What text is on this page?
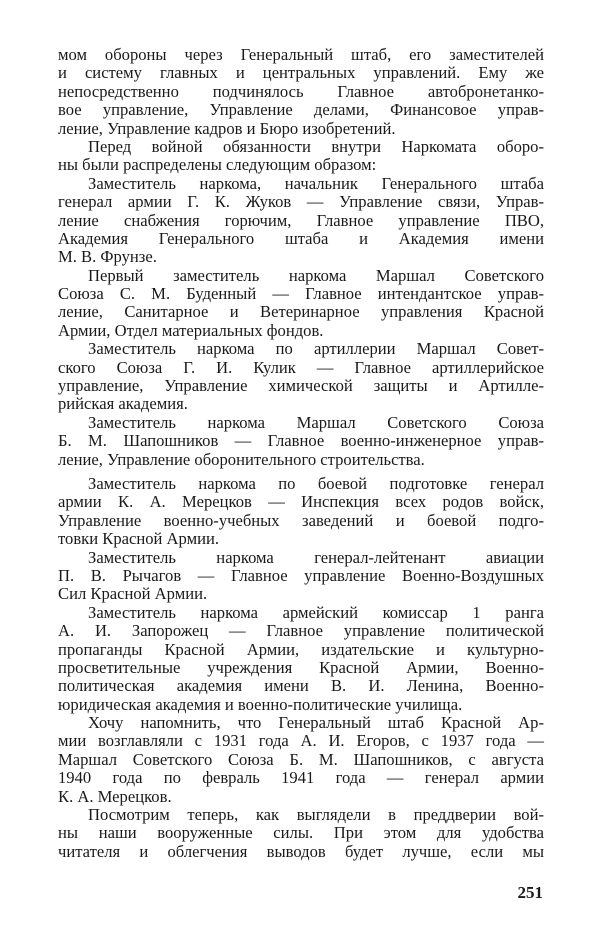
мом обороны через Генеральный штаб, его заместителей
и систему главных и центральных управлений. Ему же
непосредственно подчинялось Главное автобронетанко-
вое управление, Управление делами, Финансовое управ-
ление, Управление кадров и Бюро изобретений.
Перед войной обязанности внутри Наркомата оборо-
ны были распределены следующим образом:
Заместитель наркома, начальник Генерального штаба
генерал армии Г. К. Жуков — Управление связи, Управ-
ление снабжения горючим, Главное управление ПВО,
Академия Генерального штаба и Академия имени
М. В. Фрунзе.
Первый заместитель наркома Маршал Советского
Союза С. М. Буденный — Главное интендантское управ-
ление, Санитарное и Ветеринарное управления Красной
Армии, Отдел материальных фондов.
Заместитель наркома по артиллерии Маршал Совет-
ского Союза Г. И. Кулик — Главное артиллерийское
управление, Управление химической защиты и Артилле-
рийская академия.
Заместитель наркома Маршал Советского Союза
Б. М. Шапошников — Главное военно-инженерное управ-
ление, Управление оборонительного строительства.
Заместитель наркома по боевой подготовке генерал
армии К. А. Мерецков — Инспекция всех родов войск,
Управление военно-учебных заведений и боевой подго-
товки Красной Армии.
Заместитель наркома генерал-лейтенант авиации
П. В. Рычагов — Главное управление Военно-Воздушных
Сил Красной Армии.
Заместитель наркома армейский комиссар 1 ранга
А. И. Запорожец — Главное управление политической
пропаганды Красной Армии, издательские и культурно-
просветительные учреждения Красной Армии, Военно-
политическая академия имени В. И. Ленина, Военно-
юридическая академия и военно-политические училища.
Хочу напомнить, что Генеральный штаб Красной Ар-
мии возглавляли с 1931 года А. И. Егоров, с 1937 года —
Маршал Советского Союза Б. М. Шапошников, с августа
1940 года по февраль 1941 года — генерал армии
К. А. Мерецков.
Посмотрим теперь, как выглядели в преддверии вой-
ны наши вооруженные силы. При этом для удобства
читателя и облегчения выводов будет лучше, если мы
251
